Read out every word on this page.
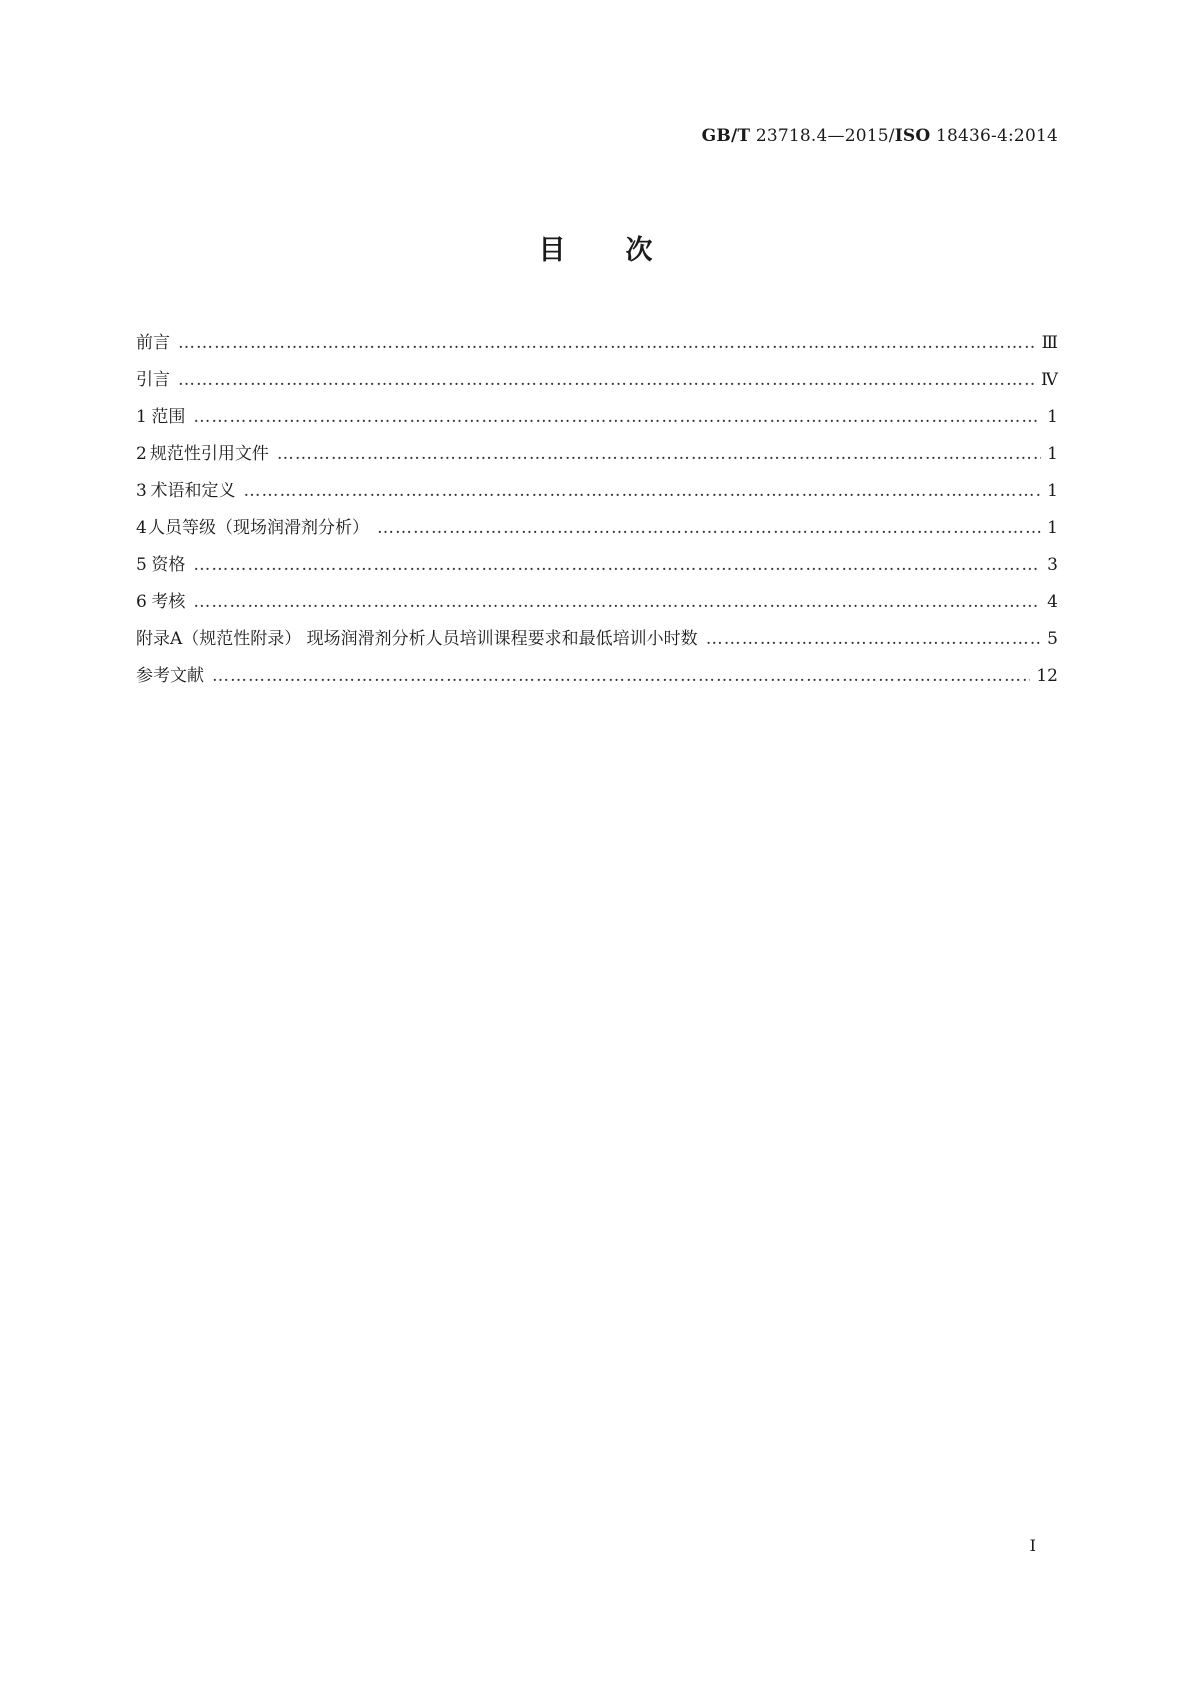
GB/T 23718.4—2015/ISO 18436-4:2014
目次
前言 ……………………………………………………………………………………………………………………………………………………………………………………………………………………………………………………	Ⅲ
引言 ……………………………………………………………………………………………………………………………………………………………………………………………………………………………………………………	Ⅳ
1 范围 ……………………………………………………………………………………………………………………………………………………………………………………………………………………………………………………	1
2 规范性引用文件 ……………………………………………………………………………………………………………………………………………………………………………………………………………………………………………………	1
3 术语和定义 ……………………………………………………………………………………………………………………………………………………………………………………………………………………………………………………	1
4 人员等级（现场润滑剂分析） ……………………………………………………………………………………………………………………………………………………………………………………………………………………………………………………	1
5 资格 ……………………………………………………………………………………………………………………………………………………………………………………………………………………………………………………	3
6 考核 ……………………………………………………………………………………………………………………………………………………………………………………………………………………………………………………	4
附录A（规范性附录） 现场润滑剂分析人员培训课程要求和最低培训小时数 ……………………………………………………………………………………………………………………………………………………………………………………………………………………………………………………	5
参考文献 ……………………………………………………………………………………………………………………………………………………………………………………………………………………………………………………	12
Ⅰ
